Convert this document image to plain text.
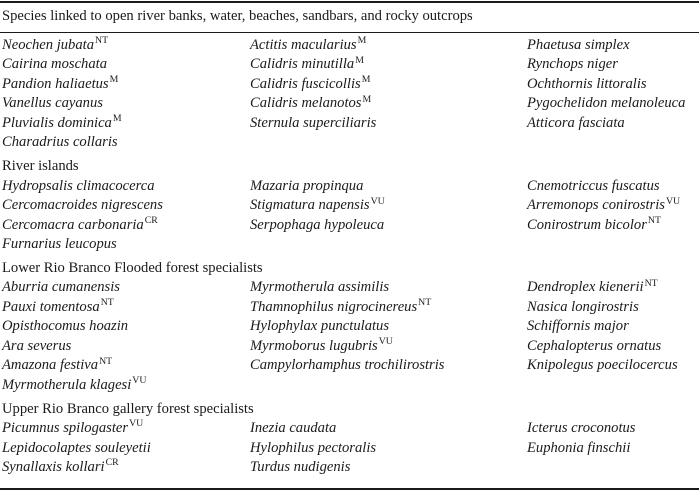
Species linked to open river banks, water, beaches, sandbars, and rocky outcrops
Neochen jubata$^{NT}$	Actitis macularius$^M$	Phaetusa simplex
Cairina moschata	Calidris minutilla$^M$	Rynchops niger
Pandion haliaetus$^M$	Calidris fuscicollis$^M$	Ochthornis littoralis
Vanellus cayanus	Calidris melanotos$^M$	Pygochelidon melanoleuca
Pluvialis dominica$^M$	Sternula superciliaris	Atticora fasciata
Charadrius collaris
River islands
Hydropsalis climacocerca	Mazaria propinqua	Cnemotriccus fuscatus
Cercomacroides nigrescens	Stigmatura napensis$^{VU}$	Arremonops conirostris$^{VU}$
Cercomacra carbonaria$^{CR}$	Serpophaga hypoleuca	Conirostrum bicolor$^{NT}$
Furnarius leucopus
Lower Rio Branco Flooded forest specialists
Aburria cumanensis	Myrmotherula assimilis	Dendroplex kienerii$^{NT}$
Pauxi tomentosa$^{NT}$	Thamnophilus nigrocinereus$^{NT}$	Nasica longirostris
Opisthocomus hoazin	Hylophylax punctulatus	Schiffornis major
Ara severus	Myrmoborus lugubris$^{VU}$	Cephalopterus ornatus
Amazona festiva$^{NT}$	Campylorhamphus trochilirostris	Knipolegus poecilocercus
Myrmotherula klagesi$^{VU}$
Upper Rio Branco gallery forest specialists
Picumnus spilogaster$^{VU}$	Inezia caudata	Icterus croconotus
Lepidocolaptes souleyetii	Hylophilus pectoralis	Euphonia finschii
Synallaxis kollari$^{CR}$	Turdus nudigenis
